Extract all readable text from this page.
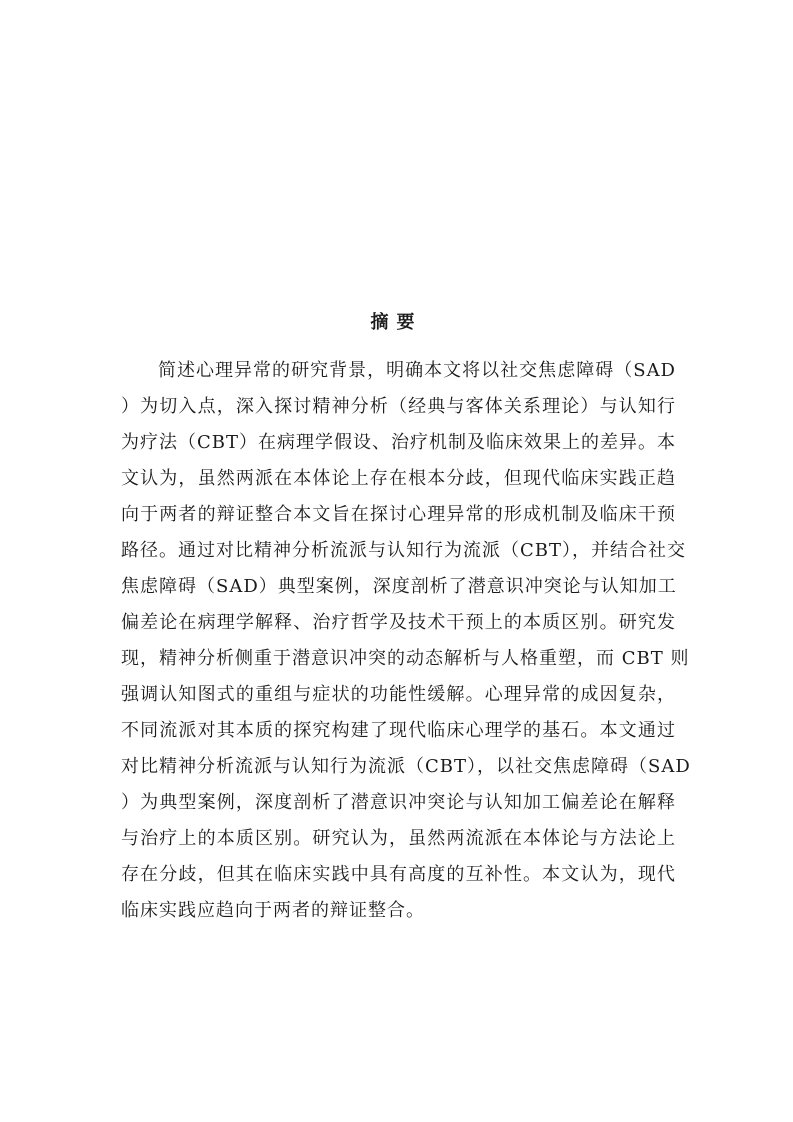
摘要
简述心理异常的研究背景，明确本文将以社交焦虑障碍（SAD
）为切入点，深入探讨精神分析（经典与客体关系理论）与认知行
为疗法（CBT）在病理学假设、治疗机制及临床效果上的差异。本
文认为，虽然两派在本体论上存在根本分歧，但现代临床实践正趋
向于两者的辩证整合本文旨在探讨心理异常的形成机制及临床干预
路径。通过对比精神分析流派与认知行为流派（CBT），并结合社交
焦虑障碍（SAD）典型案例，深度剖析了潜意识冲突论与认知加工
偏差论在病理学解释、治疗哲学及技术干预上的本质区别。研究发
现，精神分析侧重于潜意识冲突的动态解析与人格重塑，而 CBT 则
强调认知图式的重组与症状的功能性缓解。心理异常的成因复杂，
不同流派对其本质的探究构建了现代临床心理学的基石。本文通过
对比精神分析流派与认知行为流派（CBT），以社交焦虑障碍（SAD
）为典型案例，深度剖析了潜意识冲突论与认知加工偏差论在解释
与治疗上的本质区别。研究认为，虽然两流派在本体论与方法论上
存在分歧，但其在临床实践中具有高度的互补性。本文认为，现代
临床实践应趋向于两者的辩证整合。
